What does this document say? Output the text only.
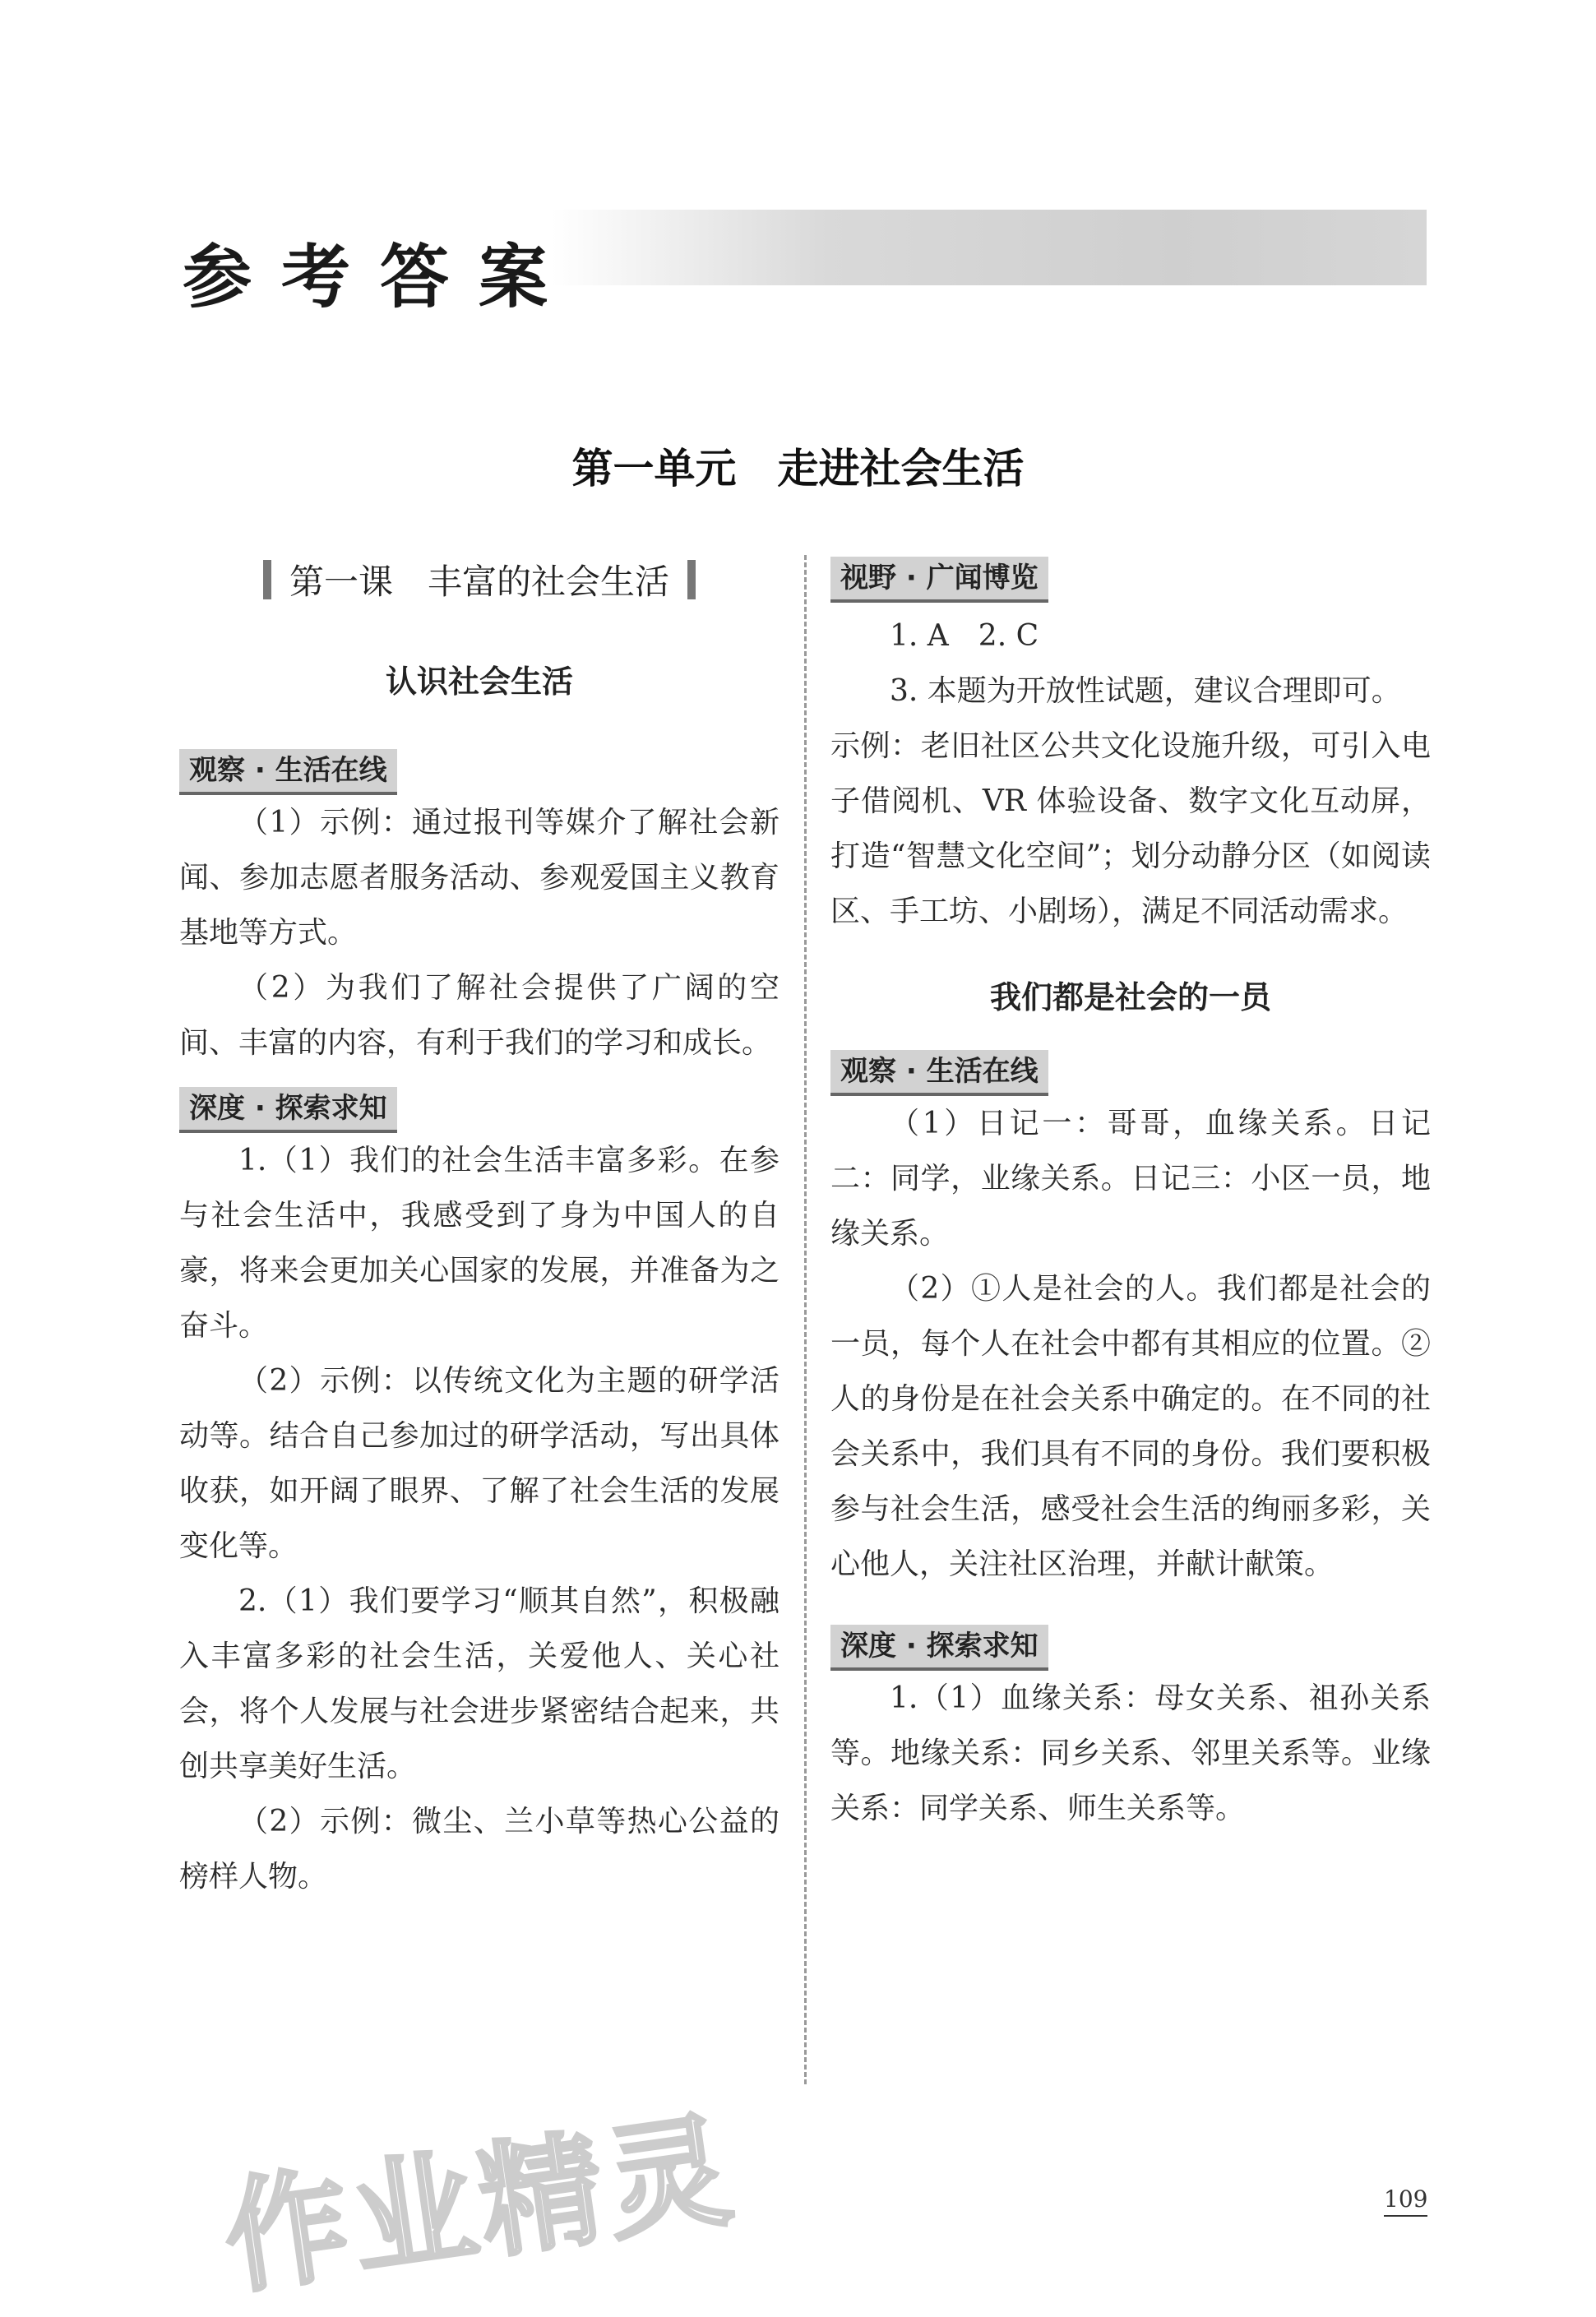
参考答案
第一单元　走进社会生活
第一课　丰富的社会生活
认识社会生活
观察 · 生活在线

（1）示例：通过报刊等媒介了解社会新闻、参加志愿者服务活动、参观爱国主义教育基地等方式。

（2）为我们了解社会提供了广阔的空间、丰富的内容，有利于我们的学习和成长。

深度 · 探索求知

1.（1）我们的社会生活丰富多彩。在参与社会生活中，我感受到了身为中国人的自豪，将来会更加关心国家的发展，并准备为之奋斗。

（2）示例：以传统文化为主题的研学活动等。结合自己参加过的研学活动，写出具体收获，如开阔了眼界、了解了社会生活的发展变化等。

2.（1）我们要学习“顺其自然”，积极融入丰富多彩的社会生活，关爱他人、关心社会，将个人发展与社会进步紧密结合起来，共创共享美好生活。

（2）示例：微尘、兰小草等热心公益的榜样人物。

视野 · 广闻博览

1. A　2. C

3. 本题为开放性试题，建议合理即可。

示例：老旧社区公共文化设施升级，可引入电子借阅机、VR 体验设备、数字文化互动屏，打造“智慧文化空间”；划分动静分区（如阅读区、手工坊、小剧场），满足不同活动需求。

我们都是社会的一员
观察 · 生活在线

（1）日记一：哥哥，血缘关系。日记二：同学，业缘关系。日记三：小区一员，地缘关系。

（2）①人是社会的人。我们都是社会的一员，每个人在社会中都有其相应的位置。②人的身份是在社会关系中确定的。在不同的社会关系中，我们具有不同的身份。我们要积极参与社会生活，感受社会生活的绚丽多彩，关心他人，关注社区治理，并献计献策。

深度 · 探索求知

1.（1）血缘关系：母女关系、祖孙关系等。地缘关系：同乡关系、邻里关系等。业缘关系：同学关系、师生关系等。

作业精灵	109
